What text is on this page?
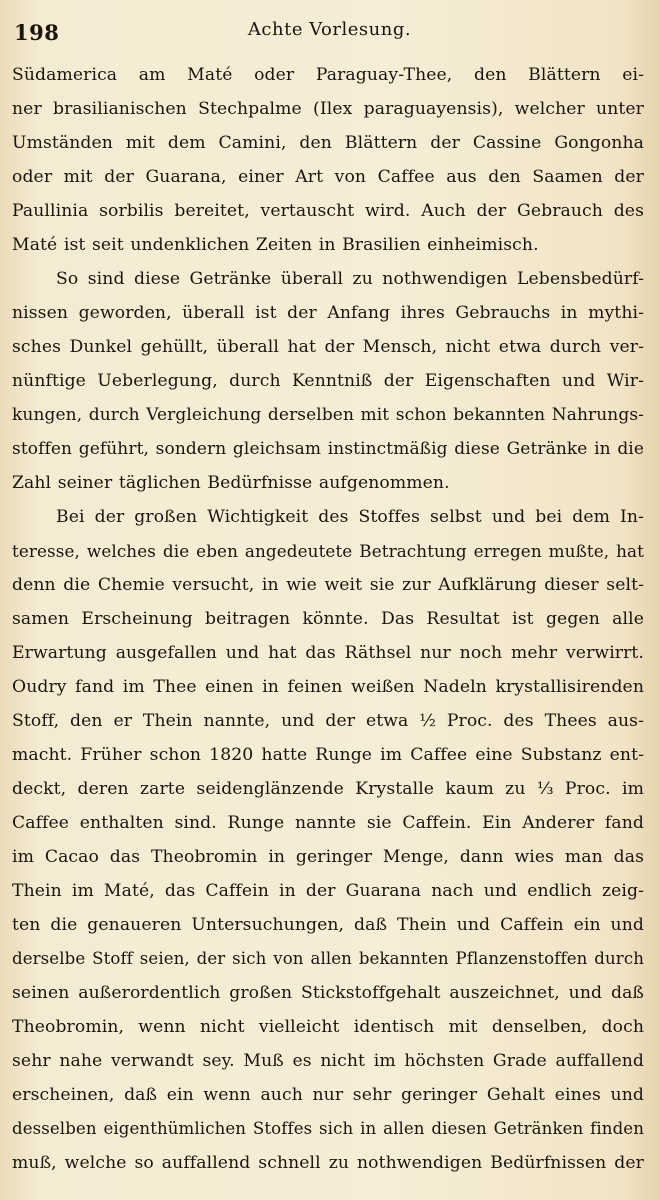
198	Achte Vorlesung.
Südamerica am Maté oder Paraguay-Thee, den Blättern ei-
ner brasilianischen Stechpalme (Ilex paraguayensis), welcher unter
Umständen mit dem Camini, den Blättern der Cassine Gongonha
oder mit der Guarana, einer Art von Caffee aus den Saamen der
Paullinia sorbilis bereitet, vertauscht wird. Auch der Gebrauch des
Maté ist seit undenklichen Zeiten in Brasilien einheimisch.
So sind diese Getränke überall zu nothwendigen Lebensbedürf-
nissen geworden, überall ist der Anfang ihres Gebrauchs in mythi-
sches Dunkel gehüllt, überall hat der Mensch, nicht etwa durch ver-
nünftige Ueberlegung, durch Kenntniß der Eigenschaften und Wir-
kungen, durch Vergleichung derselben mit schon bekannten Nahrungs-
stoffen geführt, sondern gleichsam instinctmäßig diese Getränke in die
Zahl seiner täglichen Bedürfnisse aufgenommen.
Bei der großen Wichtigkeit des Stoffes selbst und bei dem In-
teresse, welches die eben angedeutete Betrachtung erregen mußte, hat
denn die Chemie versucht, in wie weit sie zur Aufklärung dieser selt-
samen Erscheinung beitragen könnte. Das Resultat ist gegen alle
Erwartung ausgefallen und hat das Räthsel nur noch mehr verwirrt.
Oudry fand im Thee einen in feinen weißen Nadeln krystallisirenden
Stoff, den er Thein nannte, und der etwa ½ Proc. des Thees aus-
macht. Früher schon 1820 hatte Runge im Caffee eine Substanz ent-
deckt, deren zarte seidenglänzende Krystalle kaum zu ⅓ Proc. im
Caffee enthalten sind. Runge nannte sie Caffein. Ein Anderer fand
im Cacao das Theobromin in geringer Menge, dann wies man das
Thein im Maté, das Caffein in der Guarana nach und endlich zeig-
ten die genaueren Untersuchungen, daß Thein und Caffein ein und
derselbe Stoff seien, der sich von allen bekannten Pflanzenstoffen durch
seinen außerordentlich großen Stickstoffgehalt auszeichnet, und daß
Theobromin, wenn nicht vielleicht identisch mit denselben, doch
sehr nahe verwandt sey. Muß es nicht im höchsten Grade auffallend
erscheinen, daß ein wenn auch nur sehr geringer Gehalt eines und
desselben eigenthümlichen Stoffes sich in allen diesen Getränken finden
muß, welche so auffallend schnell zu nothwendigen Bedürfnissen der
